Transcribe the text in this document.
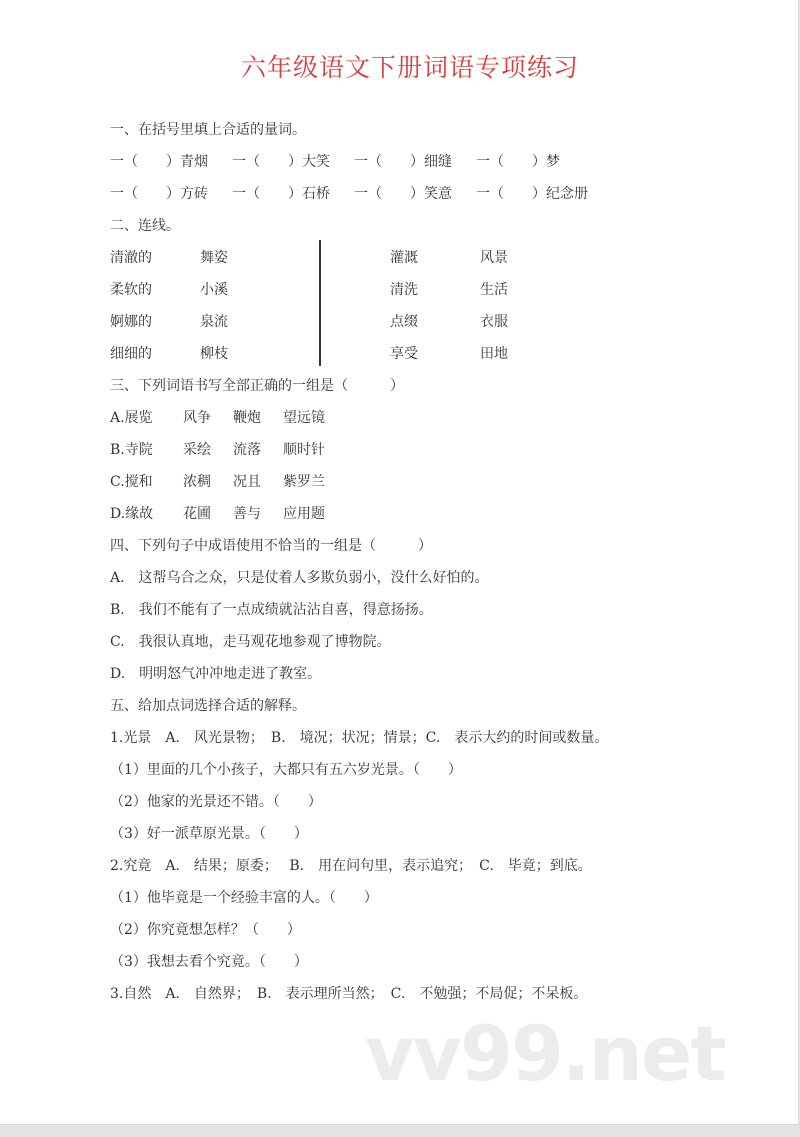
六年级语文下册词语专项练习
一、在括号里填上合适的量词。
一（　　）青烟 一（　　）大笑 一（　　）细缝 一（　　）梦
一（　　）方砖 一（　　）石桥 一（　　）笑意 一（　　）纪念册
二、连线。
清澈的	舞姿
柔软的	小溪
婀娜的	泉流
细细的	柳枝
灌溉	风景
清洗	生活
点缀	衣服
享受	田地
三、下列词语书写全部正确的一组是（　　　）
A.展览 风争 鞭炮 望远镜
B.寺院 采绘 流落 顺时针
C.搅和 浓稠 况且 紫罗兰
D.缘故 花圃 善与 应用题
四、下列句子中成语使用不恰当的一组是（　　　）
A.　这帮乌合之众，只是仗着人多欺负弱小，没什么好怕的。
B.　我们不能有了一点成绩就沾沾自喜，得意扬扬。
C.　我很认真地，走马观花地参观了博物院。
D.　明明怒气冲冲地走进了教室。
五、给加点词选择合适的解释。
1.光景　A.　风光景物；　B.　境况；状况；情景；C.　表示大约的时间或数量。
（1）里面的几个小孩子，大都只有五六岁光景。（　　）
（2）他家的光景还不错。（　　）
（3）好一派草原光景。（　　）
2.究竟　A.　结果；原委；　 B.　用在问句里，表示追究；　C.　毕竟；到底。
（1）他毕竟是一个经验丰富的人。（　　）
（2）你究竟想怎样？（　　）
（3）我想去看个究竟。（　　）
3.自然　A.　自然界；　B.　表示理所当然；　C.　不勉强；不局促；不呆板。
vv99.net
